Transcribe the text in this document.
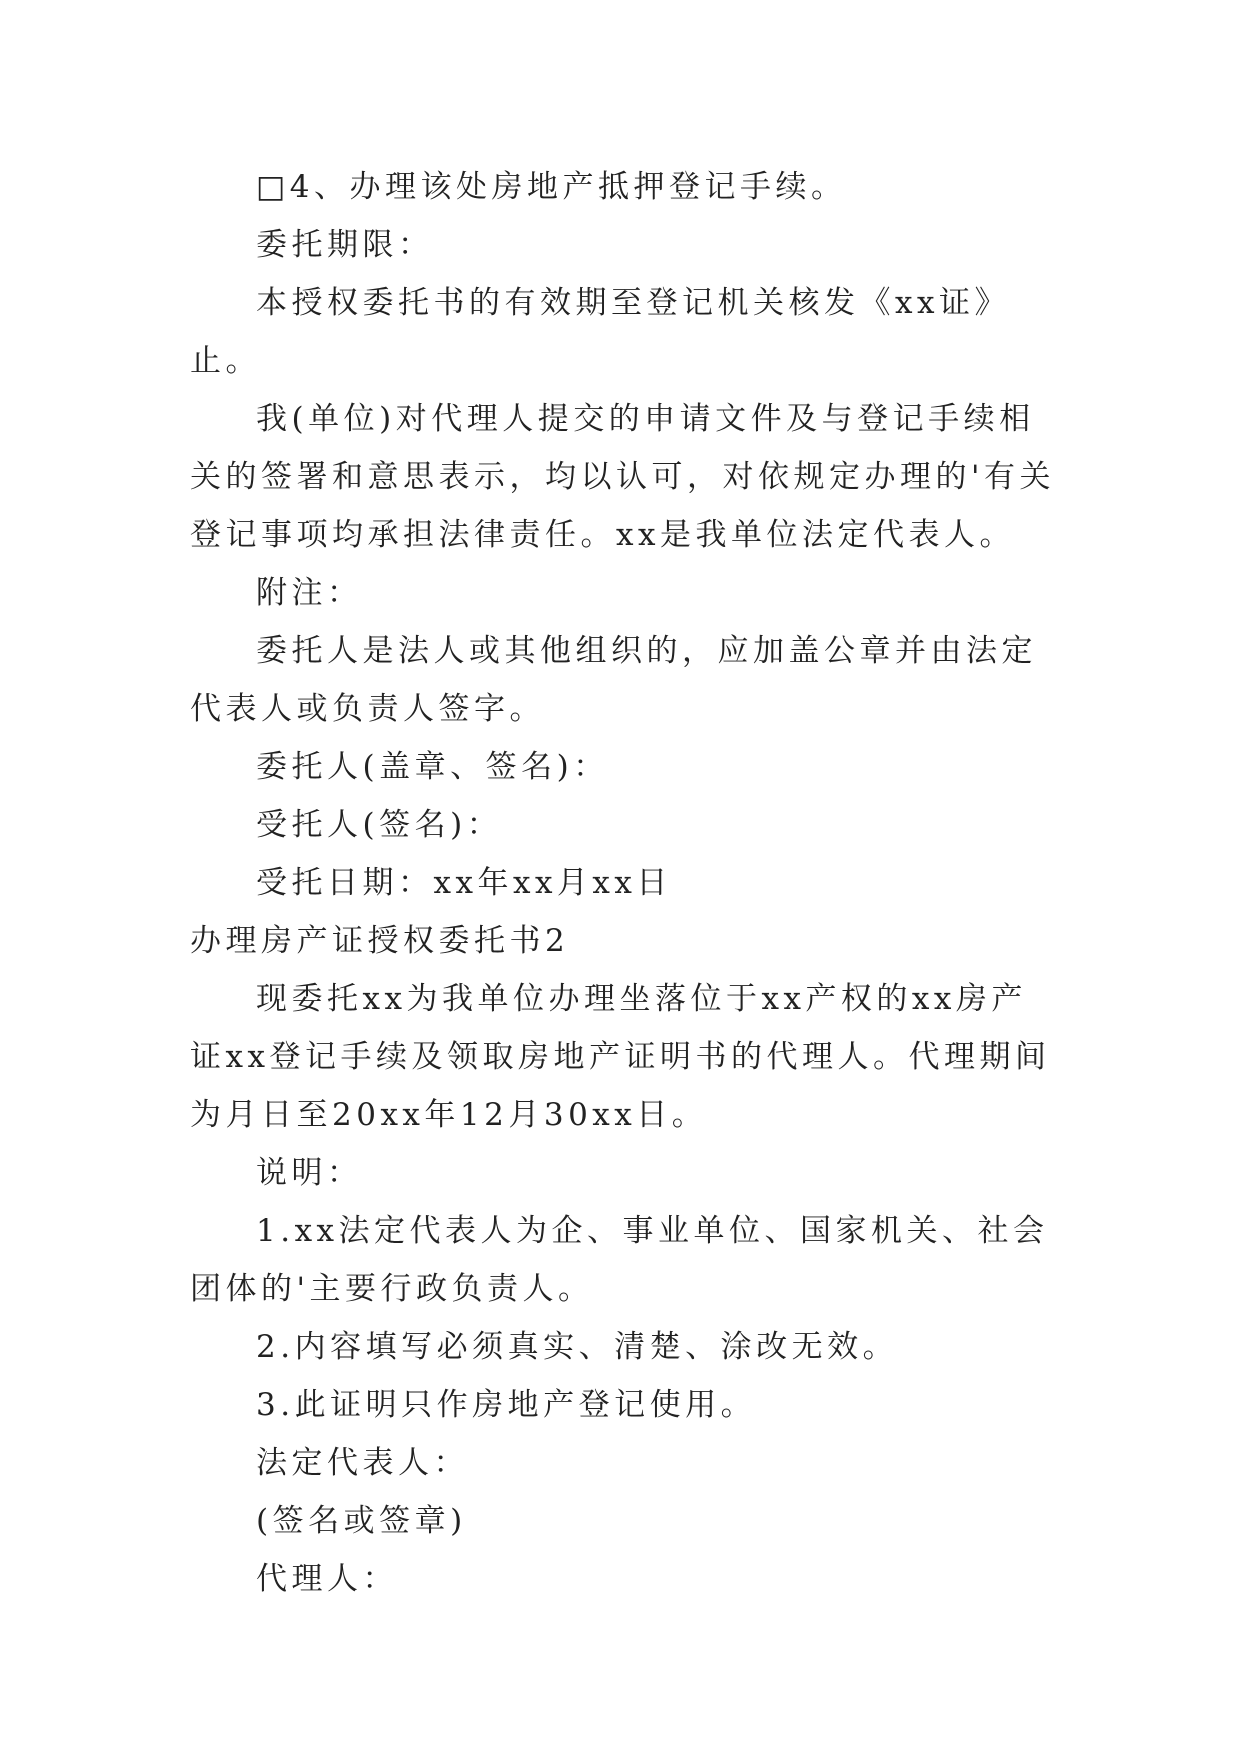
□4、办理该处房地产抵押登记手续。

委托期限：

本授权委托书的有效期至登记机关核发《xx证》止。

我(单位)对代理人提交的申请文件及与登记手续相关的签署和意思表示，均以认可，对依规定办理的'有关登记事项均承担法律责任。xx是我单位法定代表人。

附注：

委托人是法人或其他组织的，应加盖公章并由法定代表人或负责人签字。

委托人(盖章、签名)：

受托人(签名)：

受托日期：xx年xx月xx日

办理房产证授权委托书2

现委托xx为我单位办理坐落位于xx产权的xx房产证xx登记手续及领取房地产证明书的代理人。代理期间为月日至20xx年12月30xx日。

说明：

1.xx法定代表人为企、事业单位、国家机关、社会团体的'主要行政负责人。

2.内容填写必须真实、清楚、涂改无效。

3.此证明只作房地产登记使用。

法定代表人：

(签名或签章)

代理人：
